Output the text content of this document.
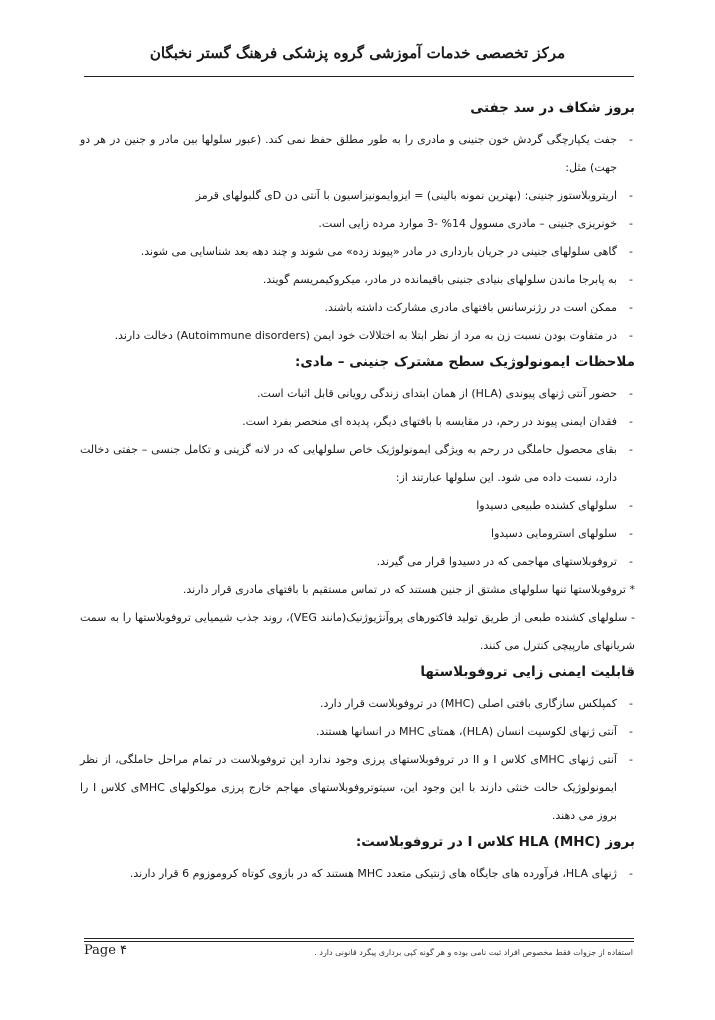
مرکز تخصصی خدمات آموزشی گروه پزشکی فرهنگ گستر نخبگان
بروز شکاف در سد جفتی
- جفت یکپارچگی گردش خون جنینی و مادری را به طور مطلق حفظ نمی کند. (عبور سلولها بین مادر و جنین در هر دو جهت) مثل:
- اریتروبلاستوز جنینی: (بهترین نمونه بالینی) = ایزوایمونیزاسیون با آنتی دن Dی گلبولهای قرمز
- خونریزی جنینی – مادری مسوول 14% -3 موارد مرده زایی است.
- گاهی سلولهای جنینی در جریان بارداری در مادر «پیوند زده» می شوند و چند دهه بعد شناسایی می شوند.
- به پابرجا ماندن سلولهای بنیادی جنینی باقیمانده در مادر، میکروکیمریسم گویند.
- ممکن است در رژنرسانس بافتهای مادری مشارکت داشته باشند.
- در متفاوت بودن نسبت زن به مرد از نظر ابتلا به اختلالات خود ایمن (Autoimmune disorders) دخالت دارند.
ملاحظات ایمونولوژیک سطح مشترک جنینی – مادی:
- حضور آنتی ژنهای پیوندی (HLA) از همان ابتدای زندگی رویانی قابل اثبات است.
- فقدان ایمنی پیوند در رحم، در مقایسه با بافتهای دیگر، پدیده ای منحصر بفرد است.
- بقای محصول حاملگی در رحم به ویژگی ایمونولوژیک خاص سلولهایی که در لانه گزینی و تکامل جنسی – جفتی دخالت دارد، نسبت داده می شود. این سلولها عبارتند از:
- سلولهای کشنده طبیعی دسیدوا
- سلولهای استرومایی دسیدوا
- تروفوبلاستهای مهاجمی که در دسیدوا قرار می گیرند.

* تروفوبلاستها تنها سلولهای مشتق از جنین هستند که در تماس مستقیم با بافتهای مادری قرار دارند.

- سلولهای کشنده طبعی از طریق تولید فاکتورهای پروآنژیوژنیک(مانند VEG)، روند جذب شیمیایی تروفوبلاستها را به سمت شریانهای مارپیچی کنترل می کنند.

قابلیت ایمنی زایی تروفوبلاستها
- کمپلکس سازگاری بافتی اصلی (MHC) در تروفوبلاست قرار دارد.
- آنتی ژنهای لکوسیت انسان (HLA)، همتای MHC در انسانها هستند.
- آنتی ژنهای MHCی کلاس I و II در تروفوبلاستهای پرزی وجود ندارد این تروفوبلاست در تمام مراحل حاملگی، از نظر ایمونولوژیک حالت خنثی دارند با این وجود این، سیتوتروفوبلاستهای مهاجم خارج پرزی مولکولهای MHCی کلاس I را بروز می دهند.
بروز HLA (MHC) کلاس I در تروفوبلاست:
- ژنهای HLA، فرآورده های جایگاه های ژنتیکی متعدد MHC هستند که در بازوی کوتاه کروموزوم 6 قرار دارند.
Page ۴	استفاده از جزوات فقط مخصوص افراد ثبت نامی بوده و هر گونه کپی برداری پیگرد قانونی دارد .
